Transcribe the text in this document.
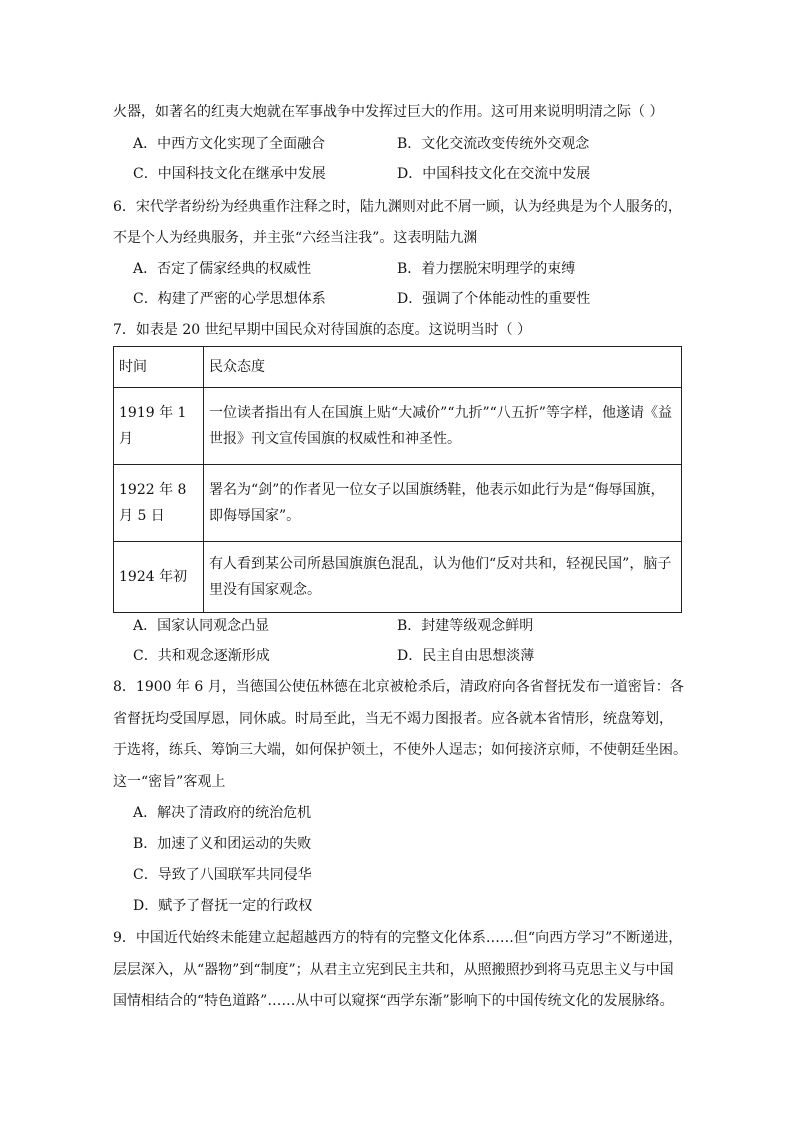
火器，如著名的红夷大炮就在军事战争中发挥过巨大的作用。这可用来说明明清之际（ ）
A．中西方文化实现了全面融合	B．文化交流改变传统外交观念
C．中国科技文化在继承中发展	D．中国科技文化在交流中发展
6．宋代学者纷纷为经典重作注释之时，陆九渊则对此不屑一顾，认为经典是为个人服务的，
不是个人为经典服务，并主张“六经当注我”。这表明陆九渊
A．否定了儒家经典的权威性	B．着力摆脱宋明理学的束缚
C．构建了严密的心学思想体系	D．强调了个体能动性的重要性
7．如表是 20 世纪早期中国民众对待国旗的态度。这说明当时（ ）
时间	民众态度
1919 年 1 月	一位读者指出有人在国旗上贴“大减价”“九折”“八五折”等字样，他遂请《益世报》刊文宣传国旗的权威性和神圣性。
1922 年 8 月 5 日	署名为“剑”的作者见一位女子以国旗绣鞋，他表示如此行为是“侮辱国旗，即侮辱国家”。
1924 年初	有人看到某公司所悬国旗旗色混乱，认为他们“反对共和，轻视民国”，脑子里没有国家观念。
A．国家认同观念凸显	B．封建等级观念鲜明
C．共和观念逐渐形成	D．民主自由思想淡薄
8．1900 年 6 月，当德国公使伍林德在北京被枪杀后，清政府向各省督抚发布一道密旨：各
省督抚均受国厚恩，同休戚。时局至此，当无不竭力图报者。应各就本省情形，统盘筹划，
于选将，练兵、筹饷三大端，如何保护领土，不使外人逞志；如何接济京师，不使朝廷坐困。
这一“密旨”客观上
A．解决了清政府的统治危机
B．加速了义和团运动的失败
C．导致了八国联军共同侵华
D．赋予了督抚一定的行政权
9．中国近代始终未能建立起超越西方的特有的完整文化体系……但“向西方学习”不断递进，
层层深入，从“器物”到“制度”；从君主立宪到民主共和，从照搬照抄到将马克思主义与中国
国情相结合的“特色道路”……从中可以窥探“西学东渐”影响下的中国传统文化的发展脉络。
